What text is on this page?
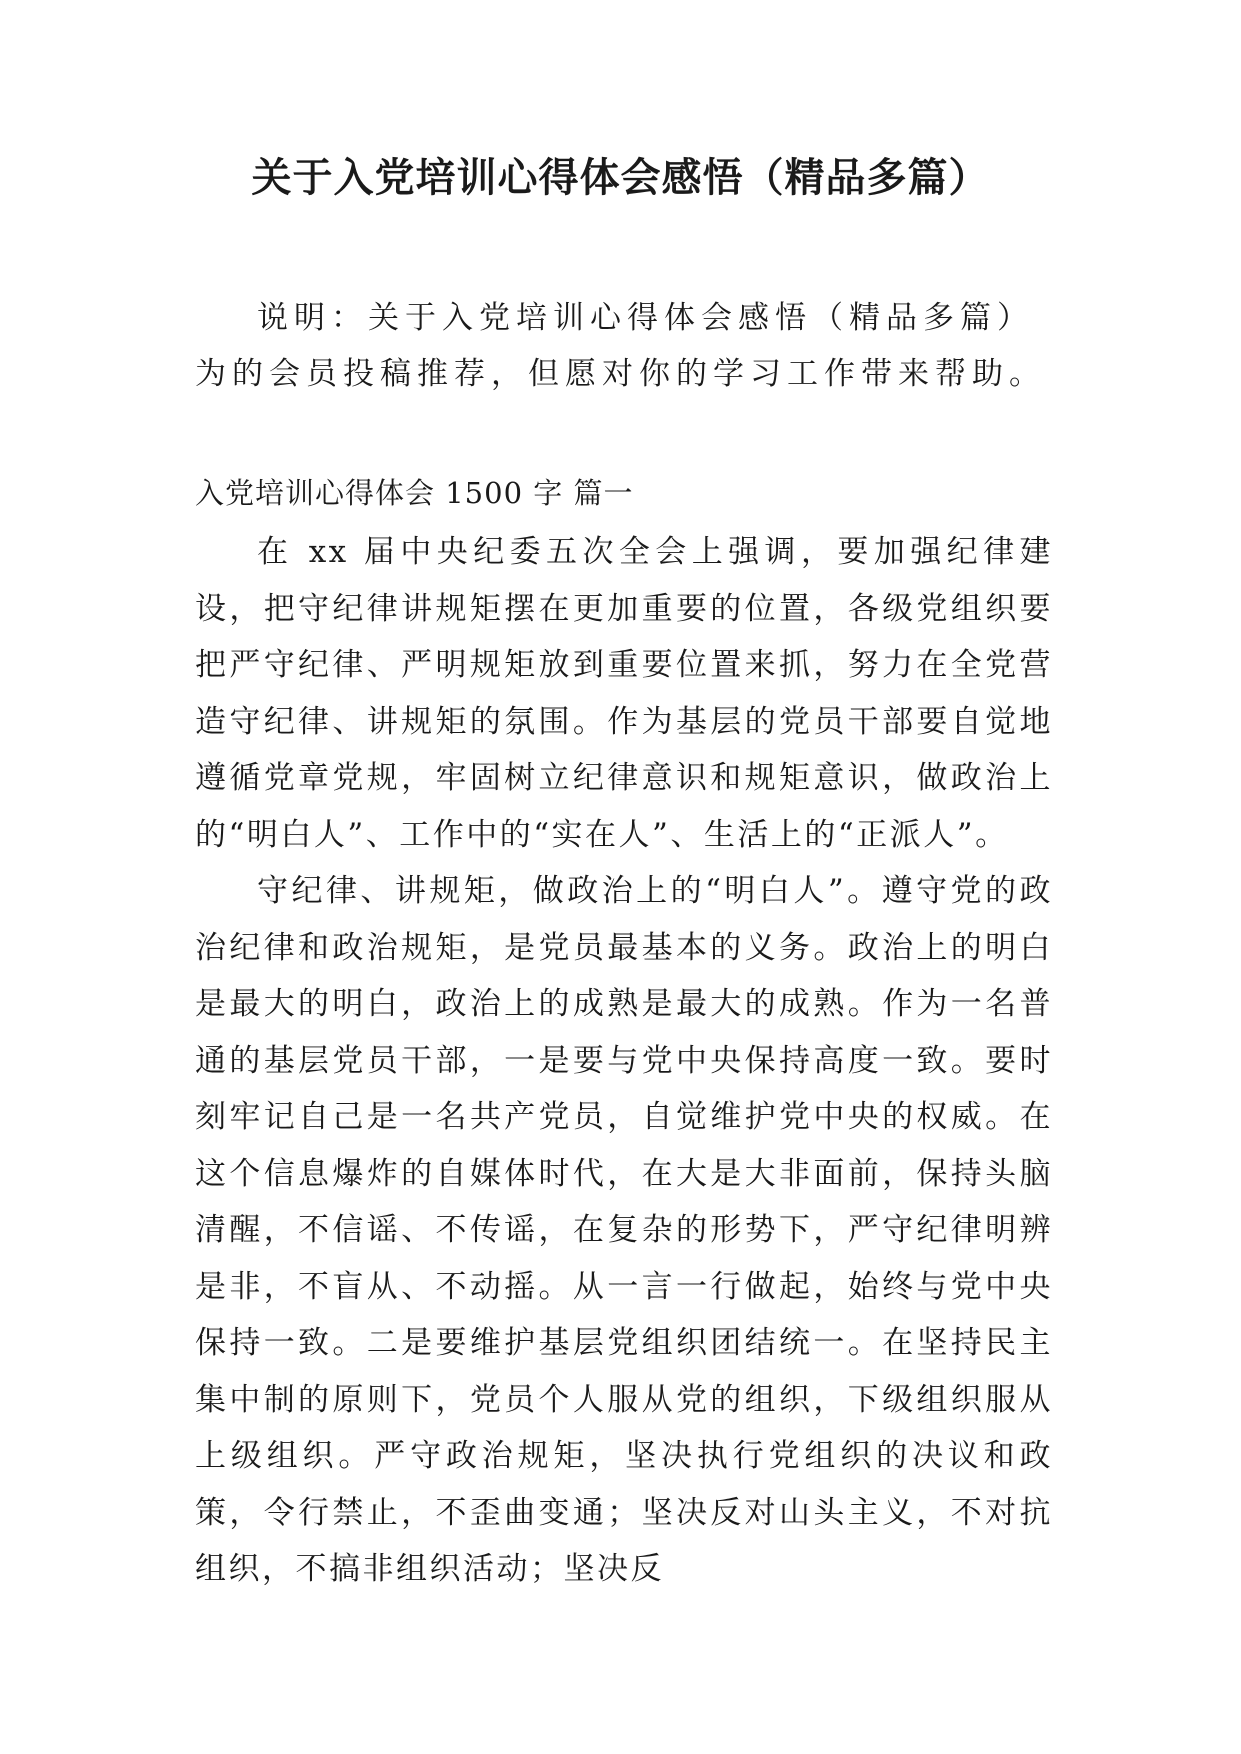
关于入党培训心得体会感悟（精品多篇）

说明：关于入党培训心得体会感悟（精品多篇）为的会员投稿推荐，但愿对你的学习工作带来帮助。

入党培训心得体会 1500 字 篇一

在 xx 届中央纪委五次全会上强调，要加强纪律建设，把守纪律讲规矩摆在更加重要的位置，各级党组织要把严守纪律、严明规矩放到重要位置来抓，努力在全党营造守纪律、讲规矩的氛围。作为基层的党员干部要自觉地遵循党章党规，牢固树立纪律意识和规矩意识，做政治上的“明白人”、工作中的“实在人”、生活上的“正派人”。

守纪律、讲规矩，做政治上的“明白人”。遵守党的政治纪律和政治规矩，是党员最基本的义务。政治上的明白是最大的明白，政治上的成熟是最大的成熟。作为一名普通的基层党员干部，一是要与党中央保持高度一致。要时刻牢记自己是一名共产党员，自觉维护党中央的权威。在这个信息爆炸的自媒体时代，在大是大非面前，保持头脑清醒，不信谣、不传谣，在复杂的形势下，严守纪律明辨是非，不盲从、不动摇。从一言一行做起，始终与党中央保持一致。二是要维护基层党组织团结统一。在坚持民主集中制的原则下，党员个人服从党的组织，下级组织服从上级组织。严守政治规矩，坚决执行党组织的决议和政策，令行禁止，不歪曲变通；坚决反对山头主义，不对抗组织，不搞非组织活动；坚决反
